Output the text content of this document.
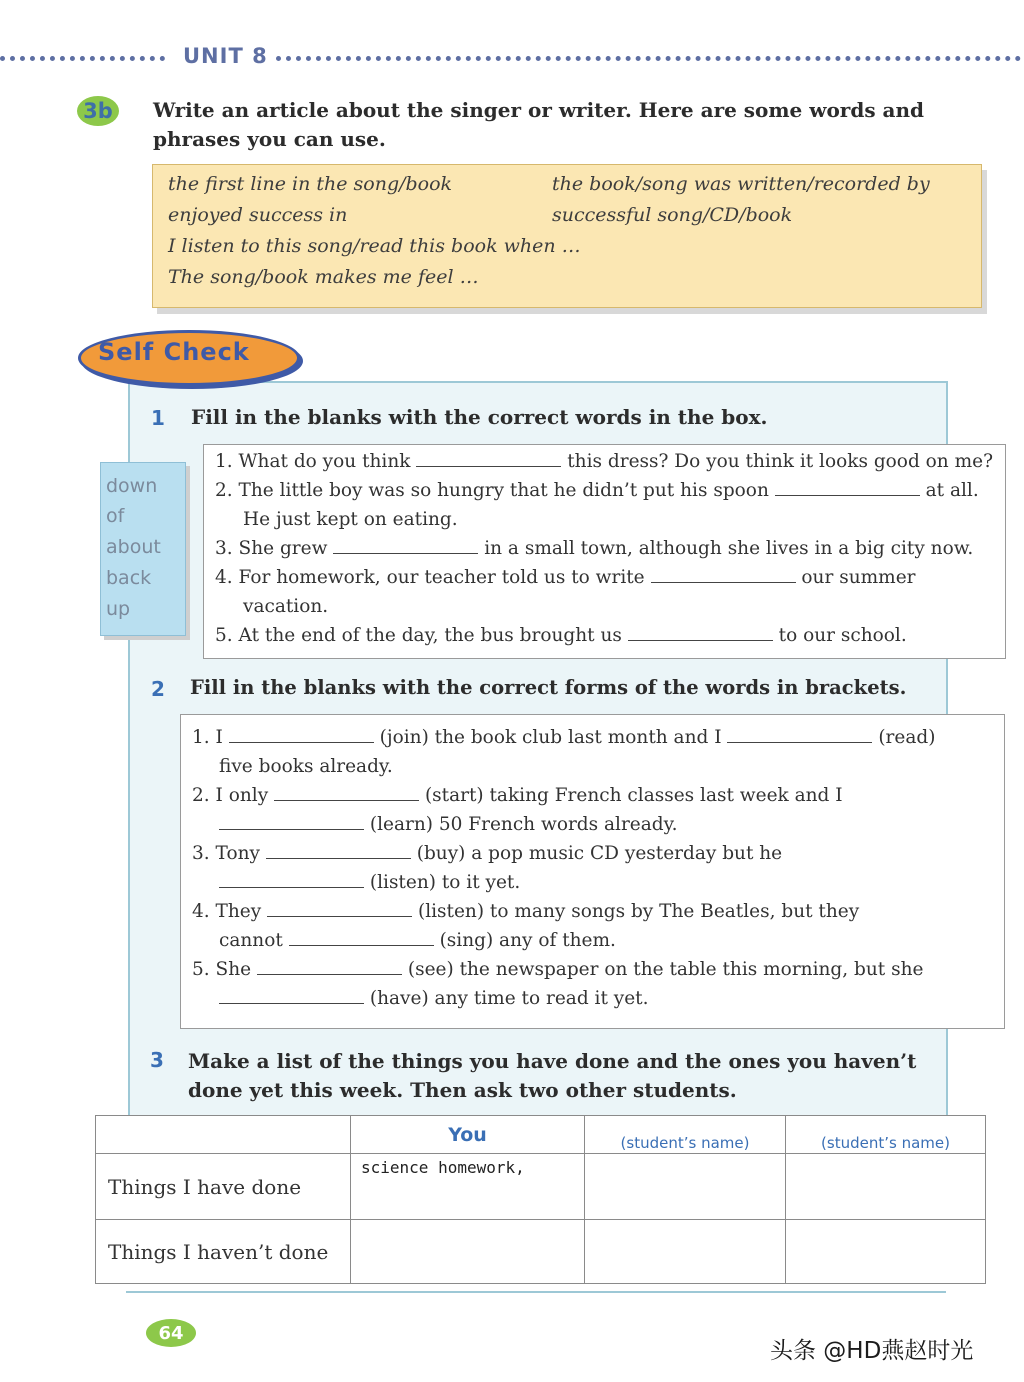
UNIT 8
3b	Write an article about the singer or writer. Here are some words and
phrases you can use.
the first line in the song/book	the book/song was written/recorded by
enjoyed success in	successful song/CD/book
I listen to this song/read this book when …
The song/book makes me feel …
Self Check
1 Fill in the blanks with the correct words in the box.
down
of
about
back
up
1. What do you think	this dress? Do you think it looks good on me?
2. The little boy was so hungry that he didn’t put his spoon	at all.
He just kept on eating.
3. She grew	in a small town, although she lives in a big city now.
4. For homework, our teacher told us to write	our summer
vacation.
5. At the end of the day, the bus brought us	to our school.
2 Fill in the blanks with the correct forms of the words in brackets.
1. I	(join) the book club last month and I	(read)
five books already.
2. I only	(start) taking French classes last week and I
(learn) 50 French words already.
3. Tony	(buy) a pop music CD yesterday but he
(listen) to it yet.
4. They	(listen) to many songs by The Beatles, but they
cannot	(sing) any of them.
5. She	(see) the newspaper on the table this morning, but she
(have) any time to read it yet.
3 Make a list of the things you have done and the ones you haven’t
done yet this week. Then ask two other students.

	You	(student’s name)	(student’s name)

Things I have done	science homework,		

Things I haven’t done			
64
头条 @HD燕赵时光
